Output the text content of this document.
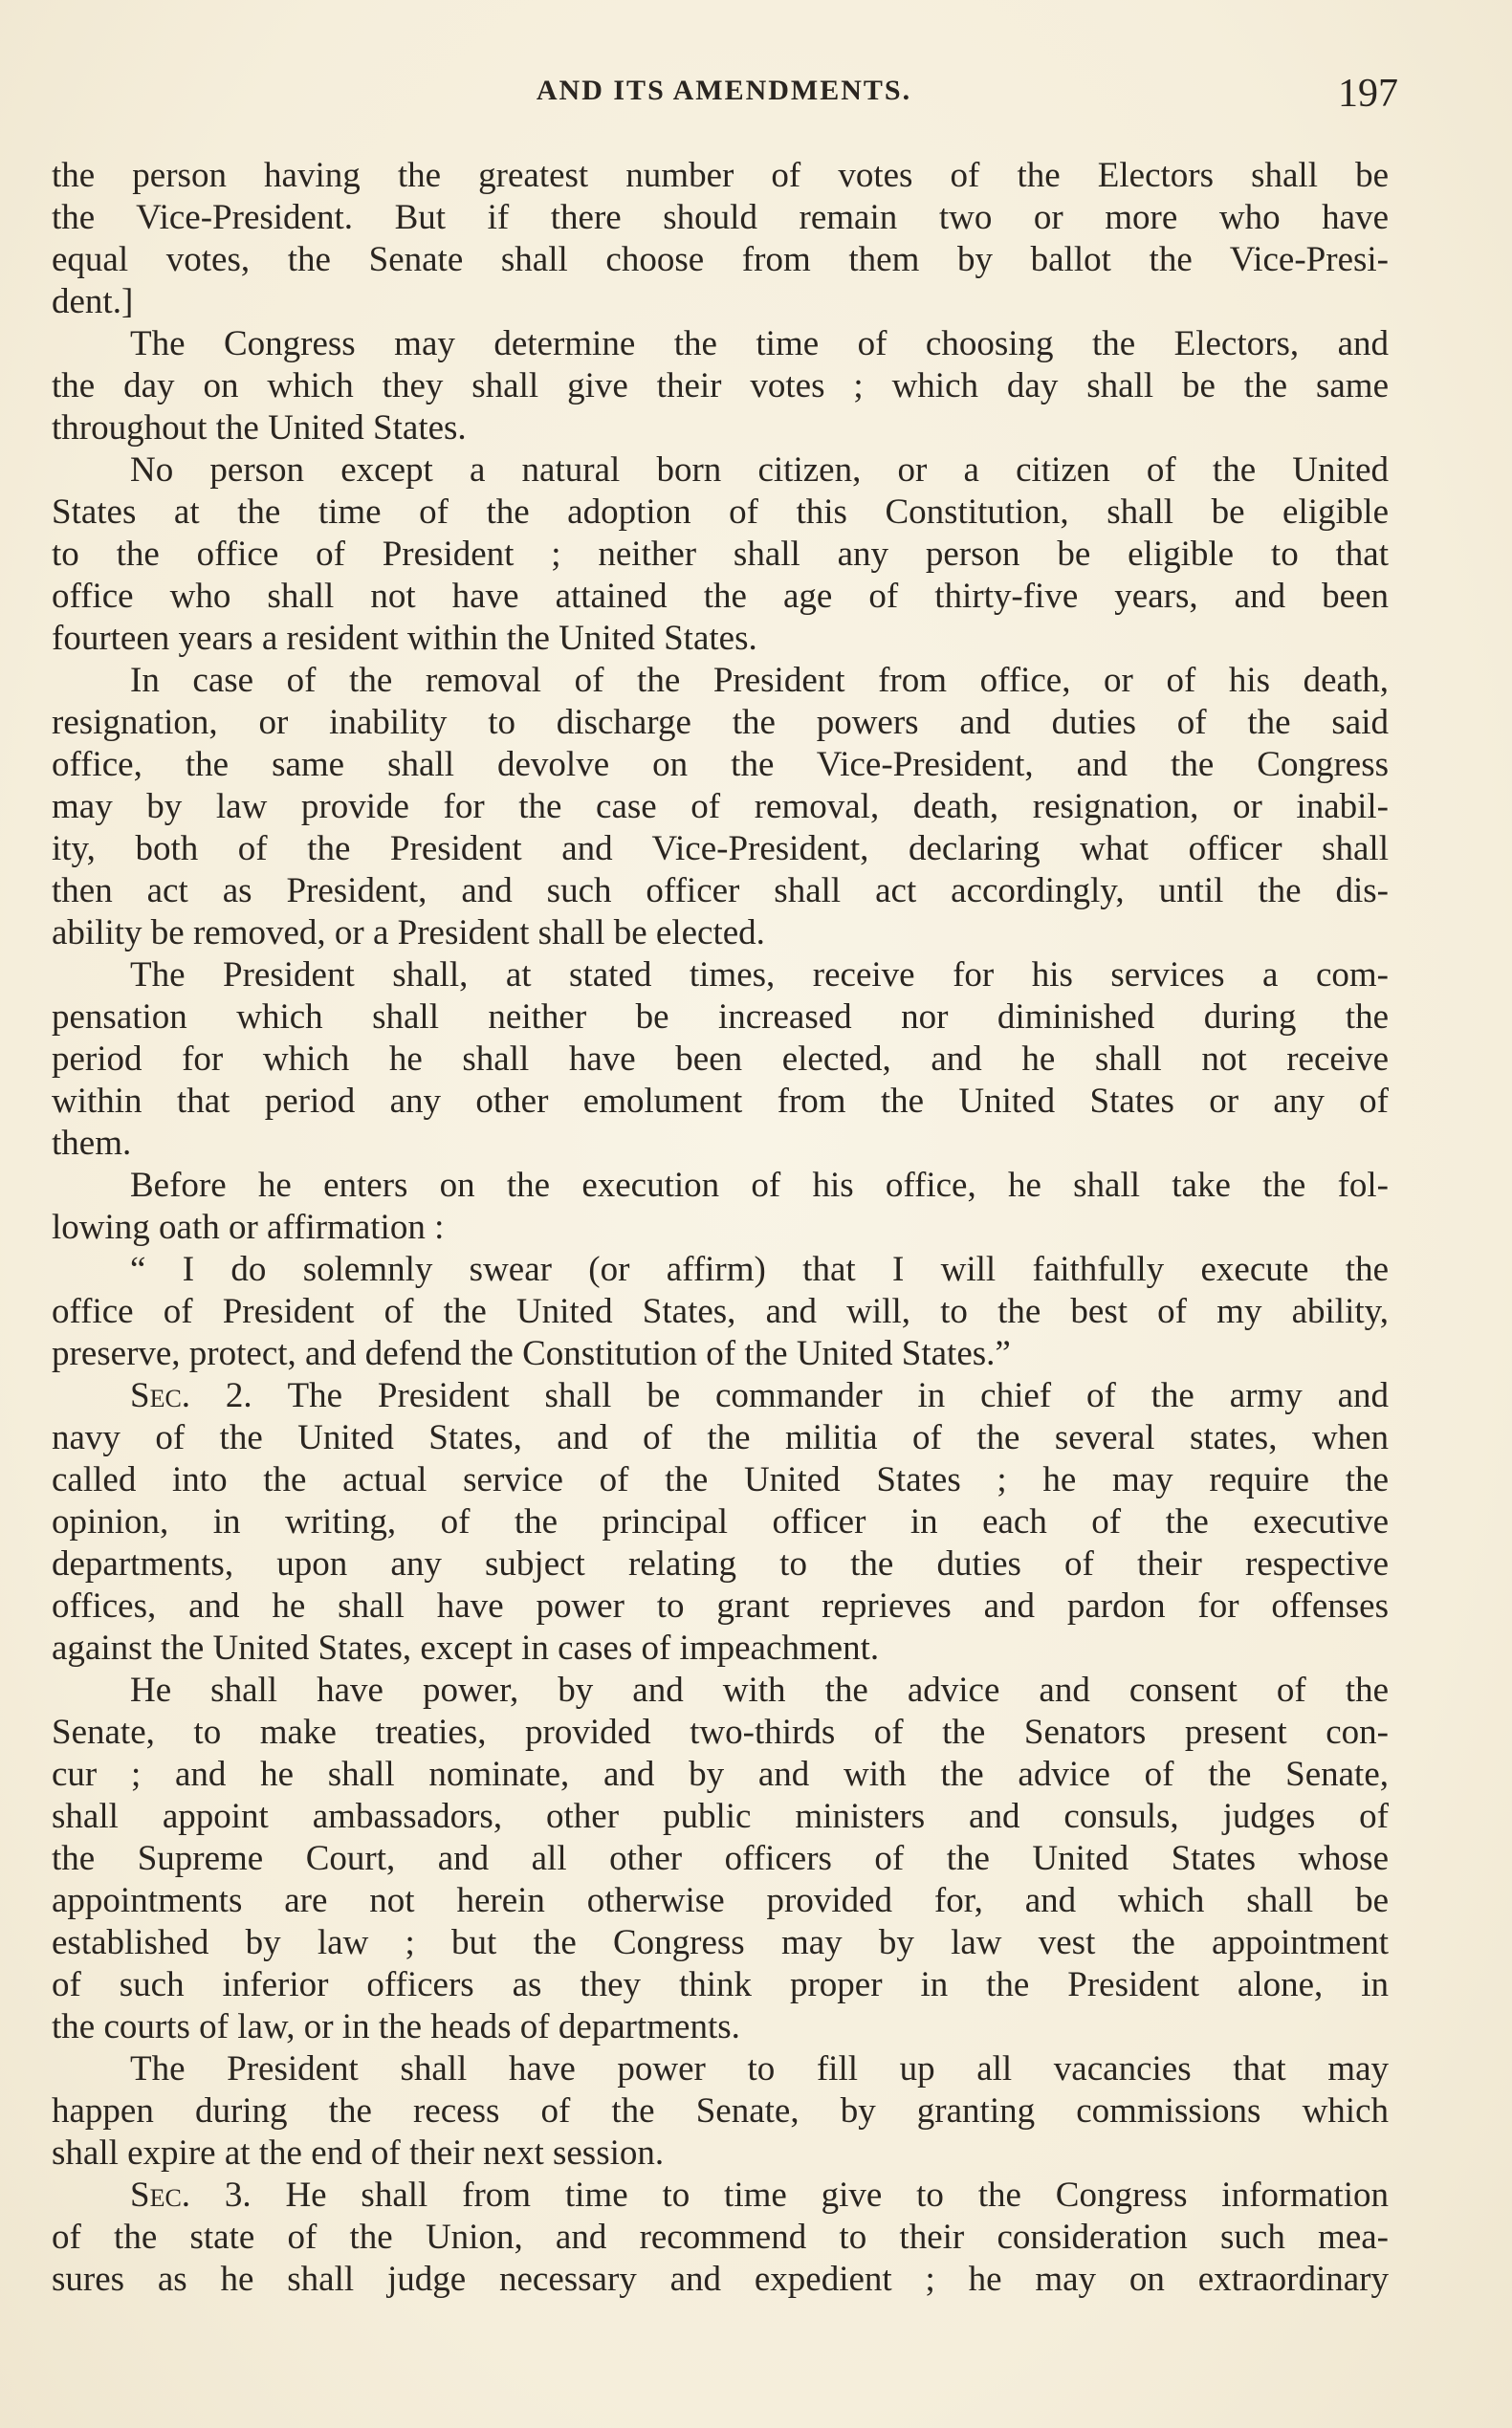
AND ITS AMENDMENTS.	197
the person having the greatest number of votes of the Electors shall be
the Vice-President. But if there should remain two or more who have
equal votes, the Senate shall choose from them by ballot the Vice-Presi-
dent.]
The Congress may determine the time of choosing the Electors, and
the day on which they shall give their votes ; which day shall be the same
throughout the United States.
No person except a natural born citizen, or a citizen of the United
States at the time of the adoption of this Constitution, shall be eligible
to the office of President ; neither shall any person be eligible to that
office who shall not have attained the age of thirty-five years, and been
fourteen years a resident within the United States.
In case of the removal of the President from office, or of his death,
resignation, or inability to discharge the powers and duties of the said
office, the same shall devolve on the Vice-President, and the Congress
may by law provide for the case of removal, death, resignation, or inabil-
ity, both of the President and Vice-President, declaring what officer shall
then act as President, and such officer shall act accordingly, until the dis-
ability be removed, or a President shall be elected.
The President shall, at stated times, receive for his services a com-
pensation which shall neither be increased nor diminished during the
period for which he shall have been elected, and he shall not receive
within that period any other emolument from the United States or any of
them.
Before he enters on the execution of his office, he shall take the fol-
lowing oath or affirmation :
“ I do solemnly swear (or affirm) that I will faithfully execute the
office of President of the United States, and will, to the best of my ability,
preserve, protect, and defend the Constitution of the United States.”
Sec. 2. The President shall be commander in chief of the army and
navy of the United States, and of the militia of the several states, when
called into the actual service of the United States ; he may require the
opinion, in writing, of the principal officer in each of the executive
departments, upon any subject relating to the duties of their respective
offices, and he shall have power to grant reprieves and pardon for offenses
against the United States, except in cases of impeachment.
He shall have power, by and with the advice and consent of the
Senate, to make treaties, provided two-thirds of the Senators present con-
cur ; and he shall nominate, and by and with the advice of the Senate,
shall appoint ambassadors, other public ministers and consuls, judges of
the Supreme Court, and all other officers of the United States whose
appointments are not herein otherwise provided for, and which shall be
established by law ; but the Congress may by law vest the appointment
of such inferior officers as they think proper in the President alone, in
the courts of law, or in the heads of departments.
The President shall have power to fill up all vacancies that may
happen during the recess of the Senate, by granting commissions which
shall expire at the end of their next session.
Sec. 3. He shall from time to time give to the Congress information
of the state of the Union, and recommend to their consideration such mea-
sures as he shall judge necessary and expedient ; he may on extraordinary
